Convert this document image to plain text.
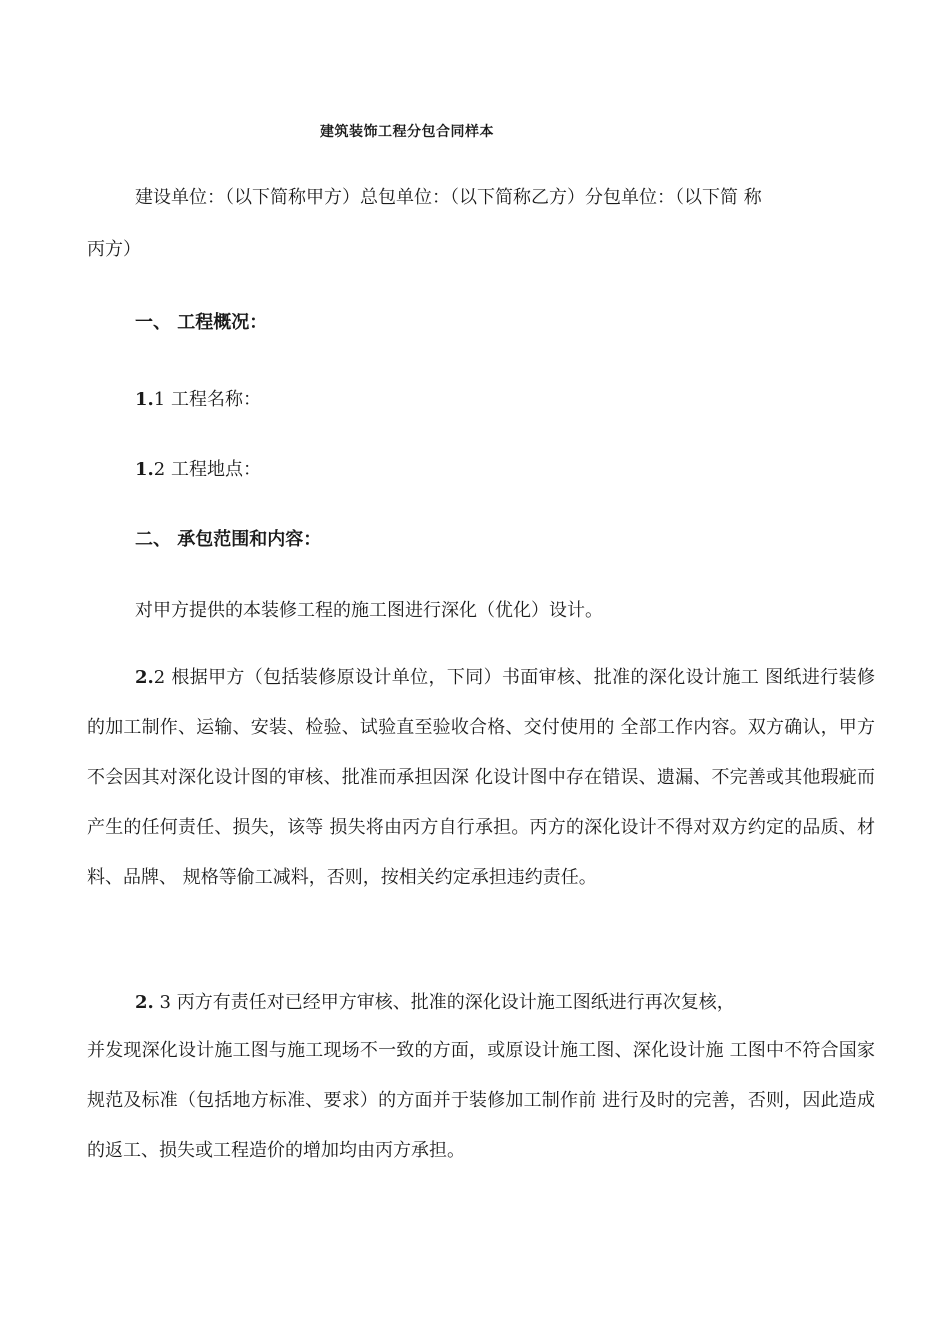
建筑装饰工程分包合同样本
建设单位：（以下简称甲方）总包单位：（以下简称乙方）分包单位：（以下简 称
丙方）
一、 工程概况：
1.1 工程名称：
1.2 工程地点：
二、 承包范围和内容：
对甲方提供的本装修工程的施工图进行深化（优化）设计。
2.2 根据甲方（包括装修原设计单位，下同）书面审核、批准的深化设计施工 图纸进行装修的加工制作、运输、安装、检验、试验直至验收合格、交付使用的 全部工作内容。双方确认，甲方不会因其对深化设计图的审核、批准而承担因深 化设计图中存在错误、遗漏、不完善或其他瑕疵而产生的任何责任、损失，该等 损失将由丙方自行承担。丙方的深化设计不得对双方约定的品质、材料、品牌、 规格等偷工减料，否则，按相关约定承担违约责任。
2. 3 丙方有责任对已经甲方审核、批准的深化设计施工图纸进行再次复核，
并发现深化设计施工图与施工现场不一致的方面，或原设计施工图、深化设计施 工图中不符合国家规范及标准（包括地方标准、要求）的方面并于装修加工制作前 进行及时的完善，否则，因此造成的返工、损失或工程造价的增加均由丙方承担。
